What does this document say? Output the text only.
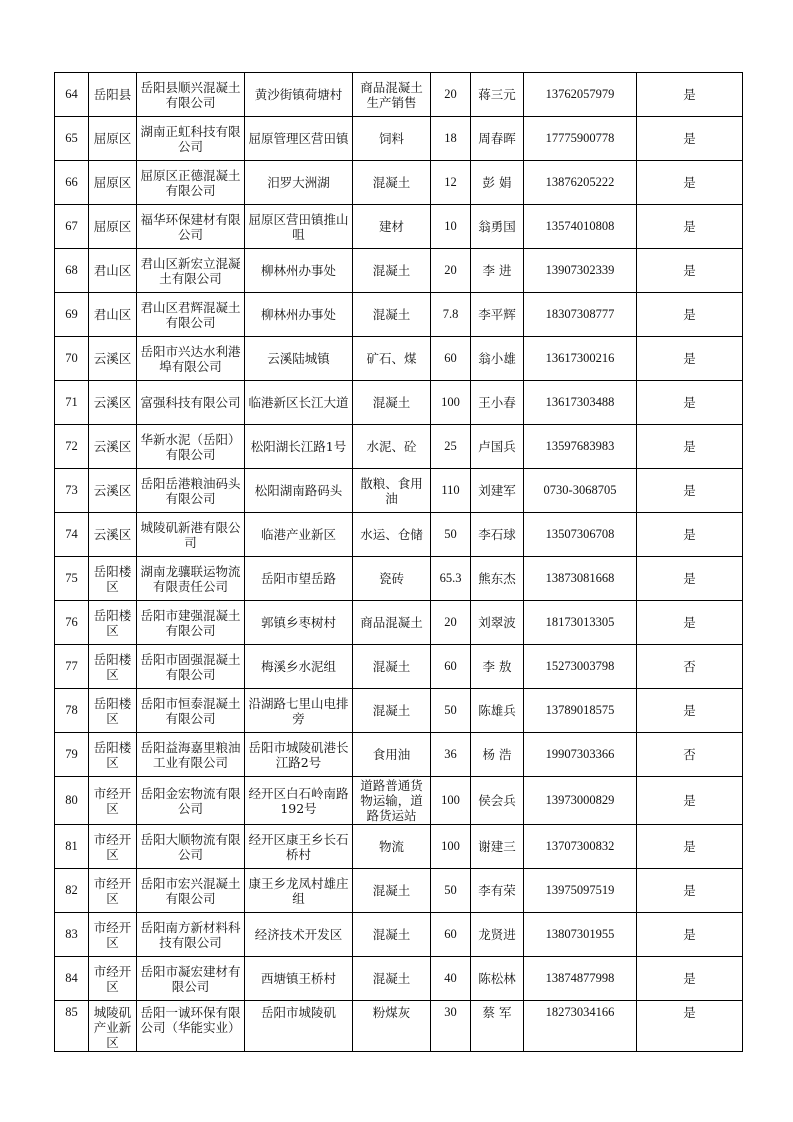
64	岳阳县	岳阳县顺兴混凝土有限公司	黄沙街镇荷塘村	商品混凝土生产销售	20	蒋三元	13762057979	是
65	屈原区	湖南正虹科技有限公司	屈原管理区营田镇	饲料	18	周春晖	17775900778	是
66	屈原区	屈原区正德混凝土有限公司	汨罗大洲湖	混凝土	12	彭 娟	13876205222	是
67	屈原区	福华环保建材有限公司	屈原区营田镇推山咀	建材	10	翁勇国	13574010808	是
68	君山区	君山区新宏立混凝土有限公司	柳林州办事处	混凝土	20	李 进	13907302339	是
69	君山区	君山区君辉混凝土有限公司	柳林州办事处	混凝土	7.8	李平辉	18307308777	是
70	云溪区	岳阳市兴达水利港埠有限公司	云溪陆城镇	矿石、煤	60	翁小雄	13617300216	是
71	云溪区	富强科技有限公司	临港新区长江大道	混凝土	100	王小春	13617303488	是
72	云溪区	华新水泥（岳阳）有限公司	松阳湖长江路1号	水泥、砼	25	卢国兵	13597683983	是
73	云溪区	岳阳岳港粮油码头有限公司	松阳湖南路码头	散粮、食用油	110	刘建军	0730-3068705	是
74	云溪区	城陵矶新港有限公司	临港产业新区	水运、仓储	50	李石球	13507306708	是
75	岳阳楼区	湖南龙骧联运物流有限责任公司	岳阳市望岳路	瓷砖	65.3	熊东杰	13873081668	是
76	岳阳楼区	岳阳市建强混凝土有限公司	郭镇乡枣树村	商品混凝土	20	刘翠波	18173013305	是
77	岳阳楼区	岳阳市固强混凝土有限公司	梅溪乡水泥组	混凝土	60	李 敖	15273003798	否
78	岳阳楼区	岳阳市恒泰混凝土有限公司	沿湖路七里山电排旁	混凝土	50	陈雄兵	13789018575	是
79	岳阳楼区	岳阳益海嘉里粮油工业有限公司	岳阳市城陵矶港长江路2号	食用油	36	杨 浩	19907303366	否
80	市经开区	岳阳金宏物流有限公司	经开区白石岭南路192号	道路普通货物运输，道路货运站	100	侯会兵	13973000829	是
81	市经开区	岳阳大顺物流有限公司	经开区康王乡长石桥村	物流	100	谢建三	13707300832	是
82	市经开区	岳阳市宏兴混凝土有限公司	康王乡龙凤村雄庄组	混凝土	50	李有荣	13975097519	是
83	市经开区	岳阳南方新材料科技有限公司	经济技术开发区	混凝土	60	龙贤进	13807301955	是
84	市经开区	岳阳市凝宏建材有限公司	西塘镇王桥村	混凝土	40	陈松林	13874877998	是
85	城陵矶产业新区	岳阳一诚环保有限公司（华能实业）	岳阳市城陵矶	粉煤灰	30	蔡 军	18273034166	是
